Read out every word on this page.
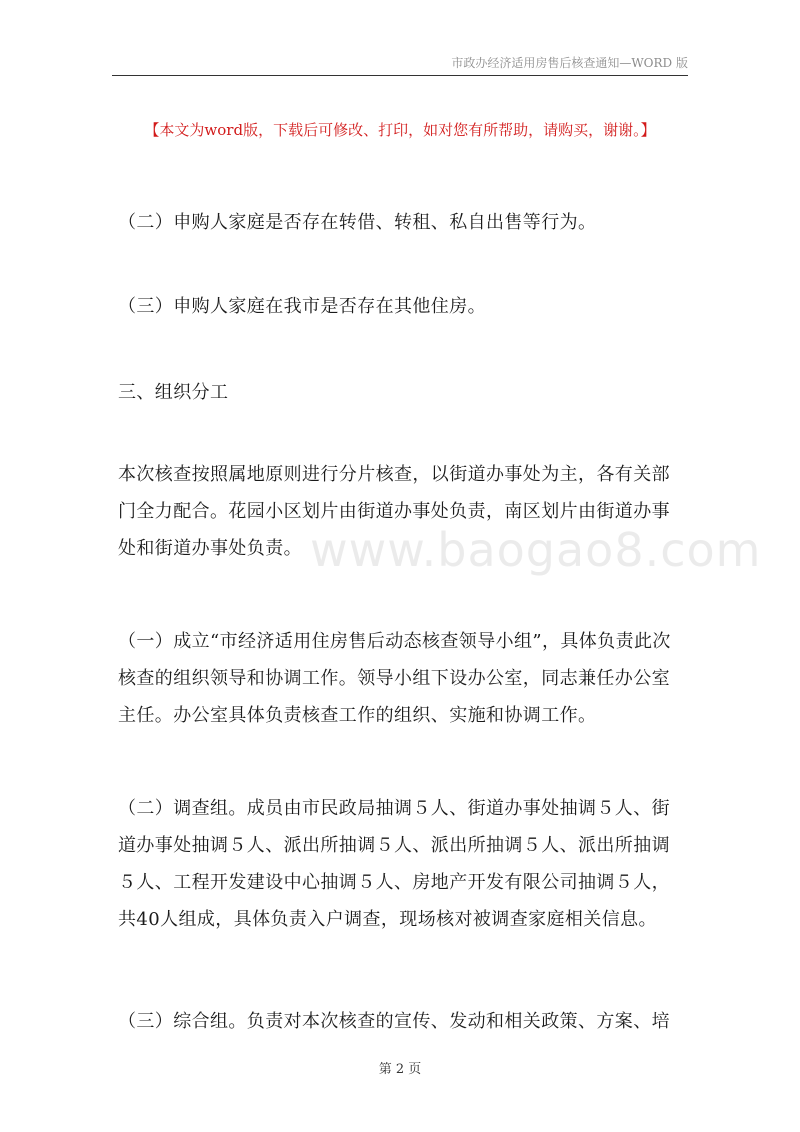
市政办经济适用房售后核查通知—WORD 版
【本文为word版，下载后可修改、打印，如对您有所帮助，请购买，谢谢。】
www.baogao8.com

（二）申购人家庭是否存在转借、转租、私自出售等行为。

（三）申购人家庭在我市是否存在其他住房。

三、组织分工

本次核查按照属地原则进行分片核查，以街道办事处为主，各有关部门全力配合。花园小区划片由街道办事处负责，南区划片由街道办事处和街道办事处负责。

（一）成立“市经济适用住房售后动态核查领导小组”，具体负责此次核查的组织领导和协调工作。领导小组下设办公室，同志兼任办公室主任。办公室具体负责核查工作的组织、实施和协调工作。

（二）调查组。成员由市民政局抽调５人、街道办事处抽调５人、街道办事处抽调５人、派出所抽调５人、派出所抽调５人、派出所抽调５人、工程开发建设中心抽调５人、房地产开发有限公司抽调５人，共40人组成，具体负责入户调查，现场核对被调查家庭相关信息。

（三）综合组。负责对本次核查的宣传、发动和相关政策、方案、培

第 2 页
